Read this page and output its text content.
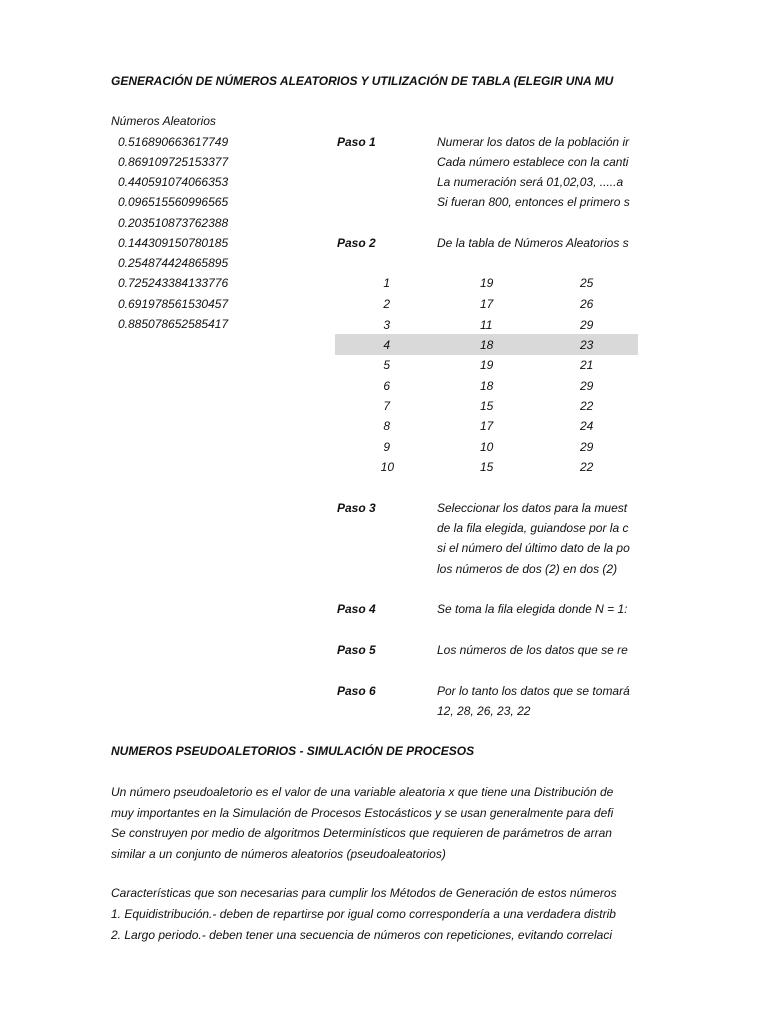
GENERACIÓN DE NÚMEROS ALEATORIOS Y UTILIZACIÓN DE TABLA (ELEGIR UNA MU
Números Aleatorios
0.516890663617749
0.869109725153377
0.440591074066353
0.096515560996565
0.203510873762388
0.144309150780185
0.254874424865895
0.725243384133776
0.691978561530457
0.885078652585417
Paso 1	Numerar los datos de la población ir
Cada número establece con la canti
La numeración será 01,02,03, .....a
Si fueran 800, entonces el primero s
Paso 2	De la tabla de Números Aleatorios s
1	19	25
2	17	26
3	11	29
4	18	23
5	19	21
6	18	29
7	15	22
8	17	24
9	10	29
10	15	22
Paso 3	Seleccionar los datos para la muest
de la fila elegida, guiandose por la c
si el número del último dato de la po
los números de dos (2) en dos (2)
Paso 4	Se toma la fila elegida donde N = 1:
Paso 5	Los números de los datos que se re
Paso 6	Por lo tanto los datos que se tomará
12, 28, 26, 23, 22
NUMEROS PSEUDOALETORIOS - SIMULACIÓN DE PROCESOS
Un número pseudoaletorio es el valor de una variable aleatoria x que tiene una Distribución de
muy importantes en la Simulación de Procesos Estocásticos y se usan generalmente para defi
Se construyen por medio de algoritmos Determinísticos que requieren de parámetros de arran
similar a un conjunto de números aleatorios (pseudoaleatorios)
Características que son necesarias para cumplir los Métodos de Generación de estos números
1. Equidistribución.- deben de repartirse por igual como correspondería a una verdadera distrib
2. Largo periodo.- deben tener una secuencia de números con repeticiones, evitando correlaci
